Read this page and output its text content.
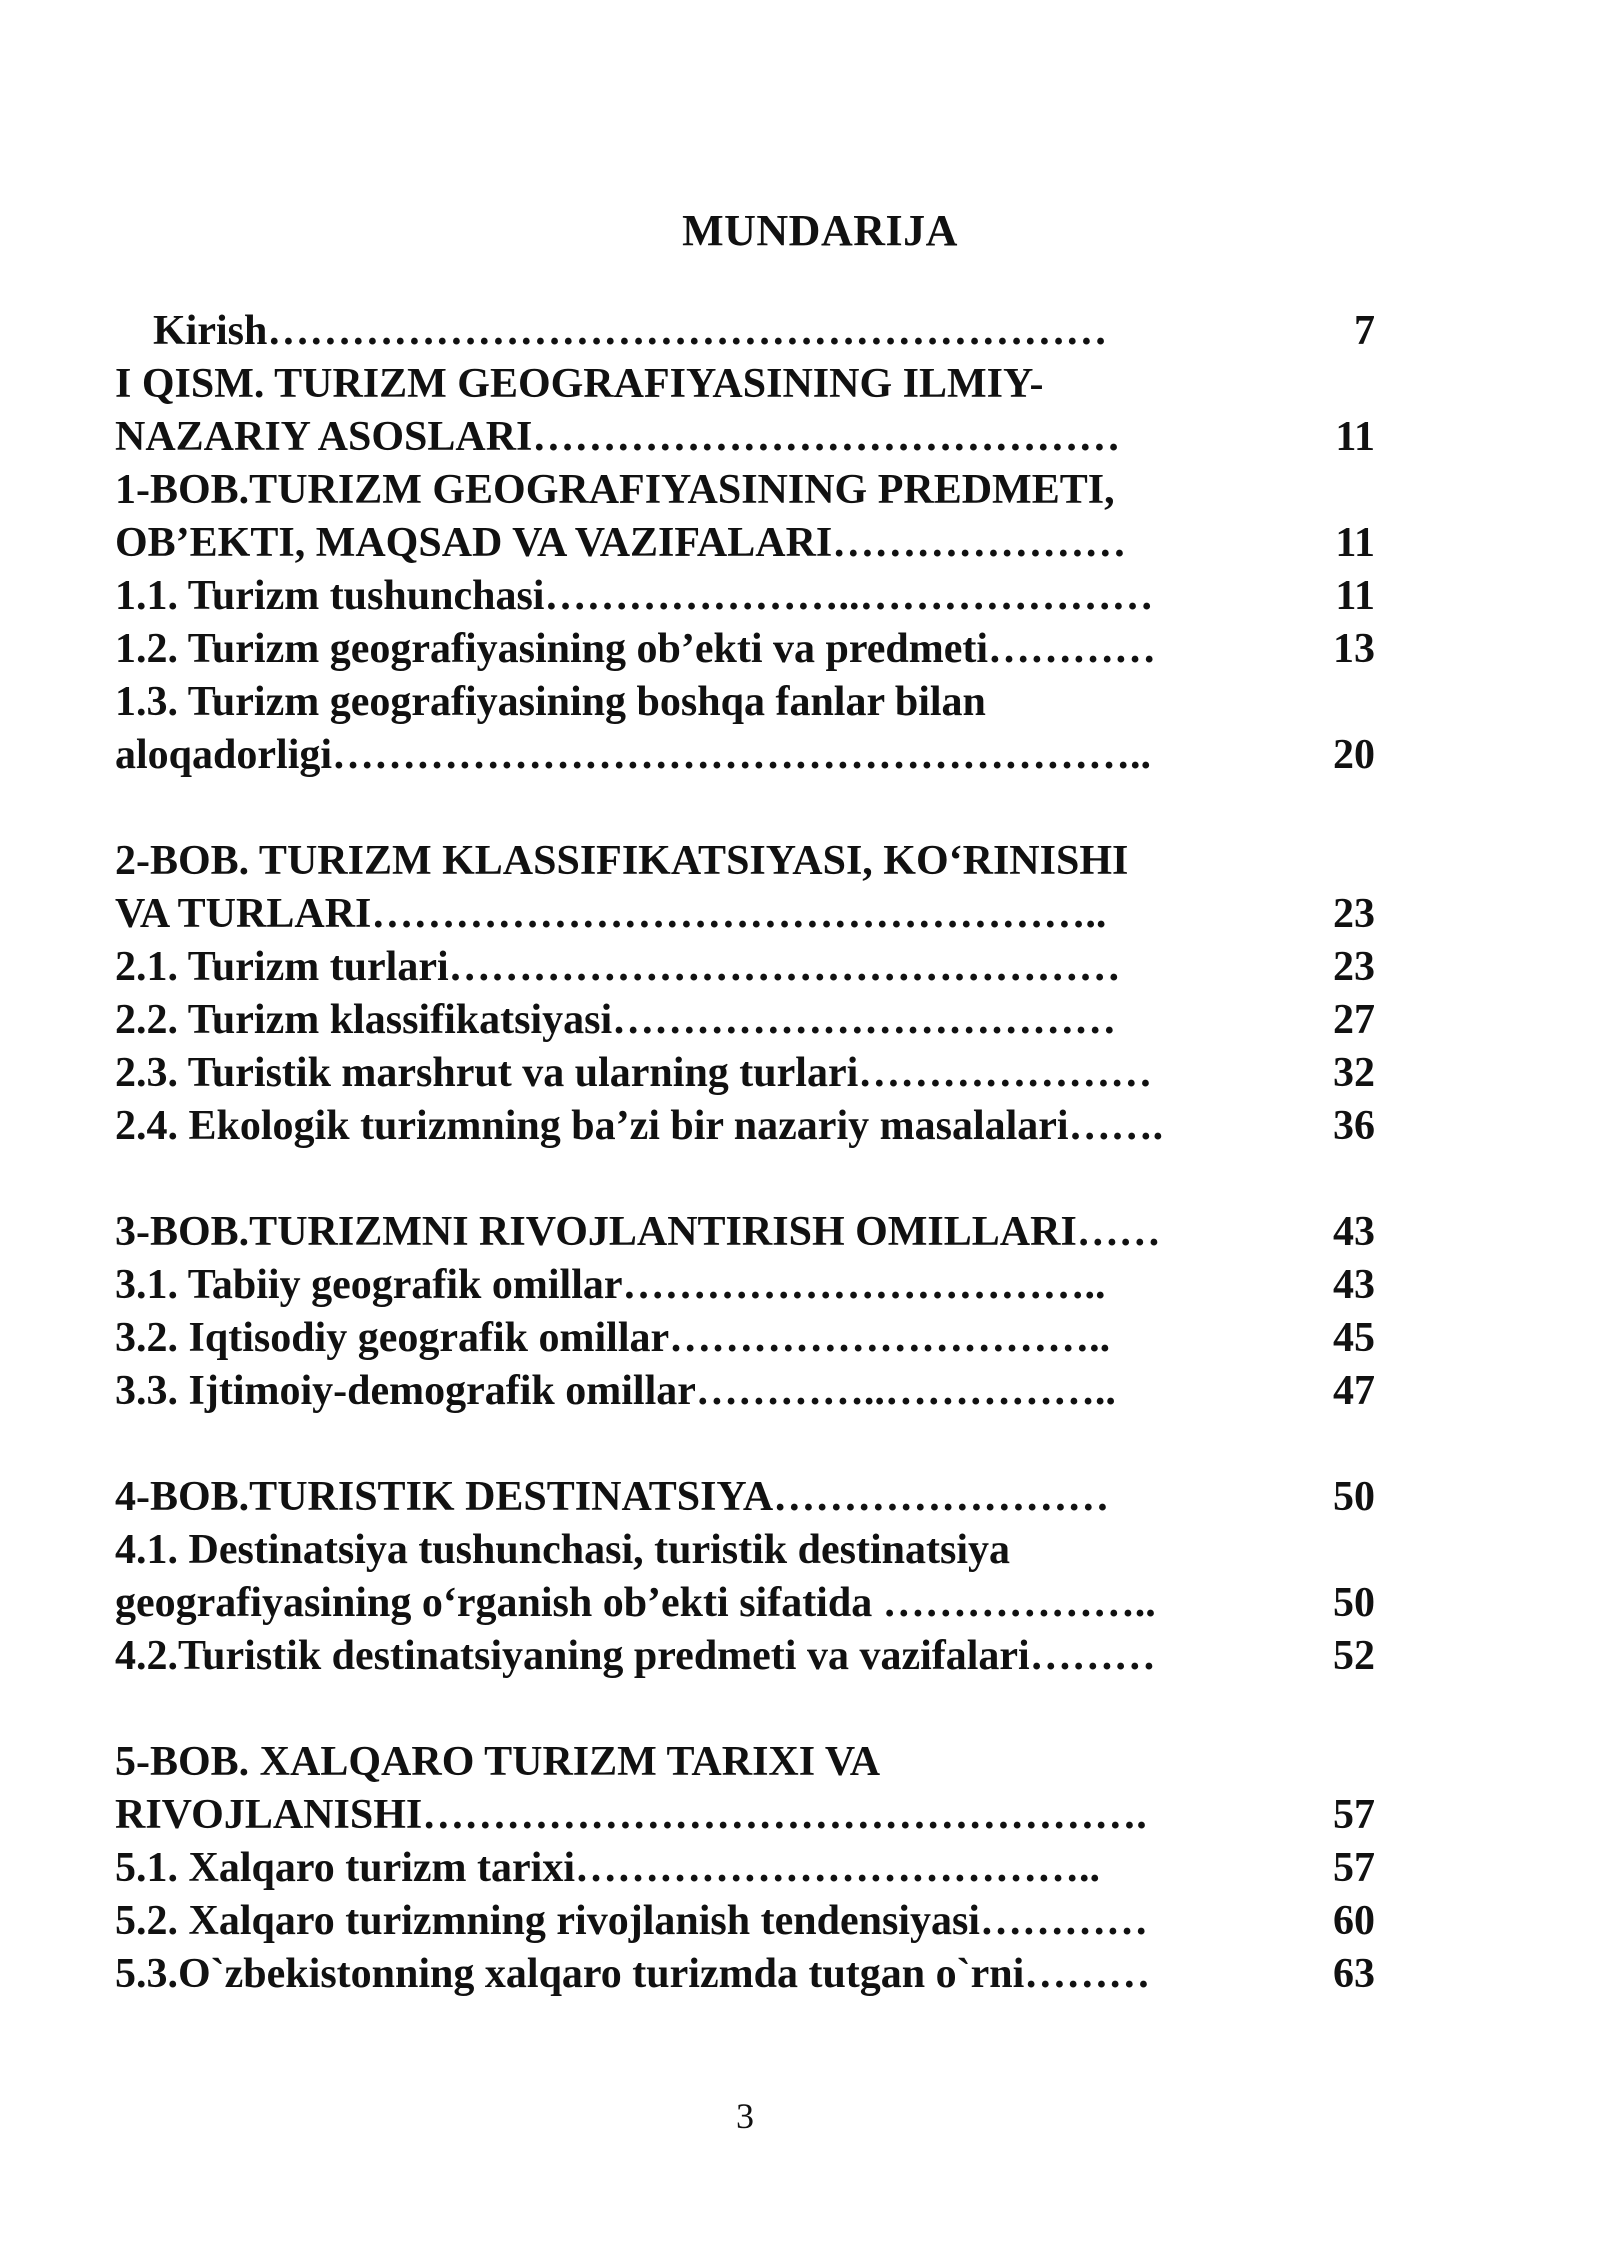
MUNDARIJA
Kirish……………………………………………………	7
I QISM. TURIZM GEOGRAFIYASINING ILMIY-
NAZARIY ASOSLARI……………………………………	11
1-BOB.TURIZM GEOGRAFIYASINING PREDMETI,
OB’EKTI, MAQSAD VA VAZIFALARI…………………	11
1.1. Turizm tushunchasi…………………..…………………	11
1.2. Turizm geografiyasining ob’ekti va predmeti…………	13
1.3. Turizm geografiyasining boshqa fanlar bilan
aloqadorligi…………………………………………………..	20
2-BOB. TURIZM KLASSIFIKATSIYASI, KO‘RINISHI
VA TURLARI……………………………………………..	23
2.1. Turizm turlari…………………………………………	23
2.2. Turizm klassifikatsiyasi………………………………	27
2.3. Turistik marshrut va ularning turlari…………………	32
2.4. Ekologik turizmning ba’zi bir nazariy masalalari…….	36
3-BOB.TURIZMNI RIVOJLANTIRISH OMILLARI……	43
3.1. Tabiiy geografik omillar……………………………..	43
3.2. Iqtisodiy geografik omillar…………………………..	45
3.3. Ijtimoiy-demografik omillar…………..……………..	47
4-BOB.TURISTIK DESTINATSIYA……………………	50
4.1. Destinatsiya tushunchasi, turistik destinatsiya
geografiyasining o‘rganish ob’ekti sifatida ………………..	50
4.2.Turistik destinatsiyaning predmeti va vazifalari………	52
5-BOB. XALQARO TURIZM TARIXI VA
RIVOJLANISHI…………………………………………….	57
5.1. Xalqaro turizm tarixi………………………………..	57
5.2. Xalqaro turizmning rivojlanish tendensiyasi…………	60
5.3.O`zbekistonning xalqaro turizmda tutgan o`rni………	63
3
